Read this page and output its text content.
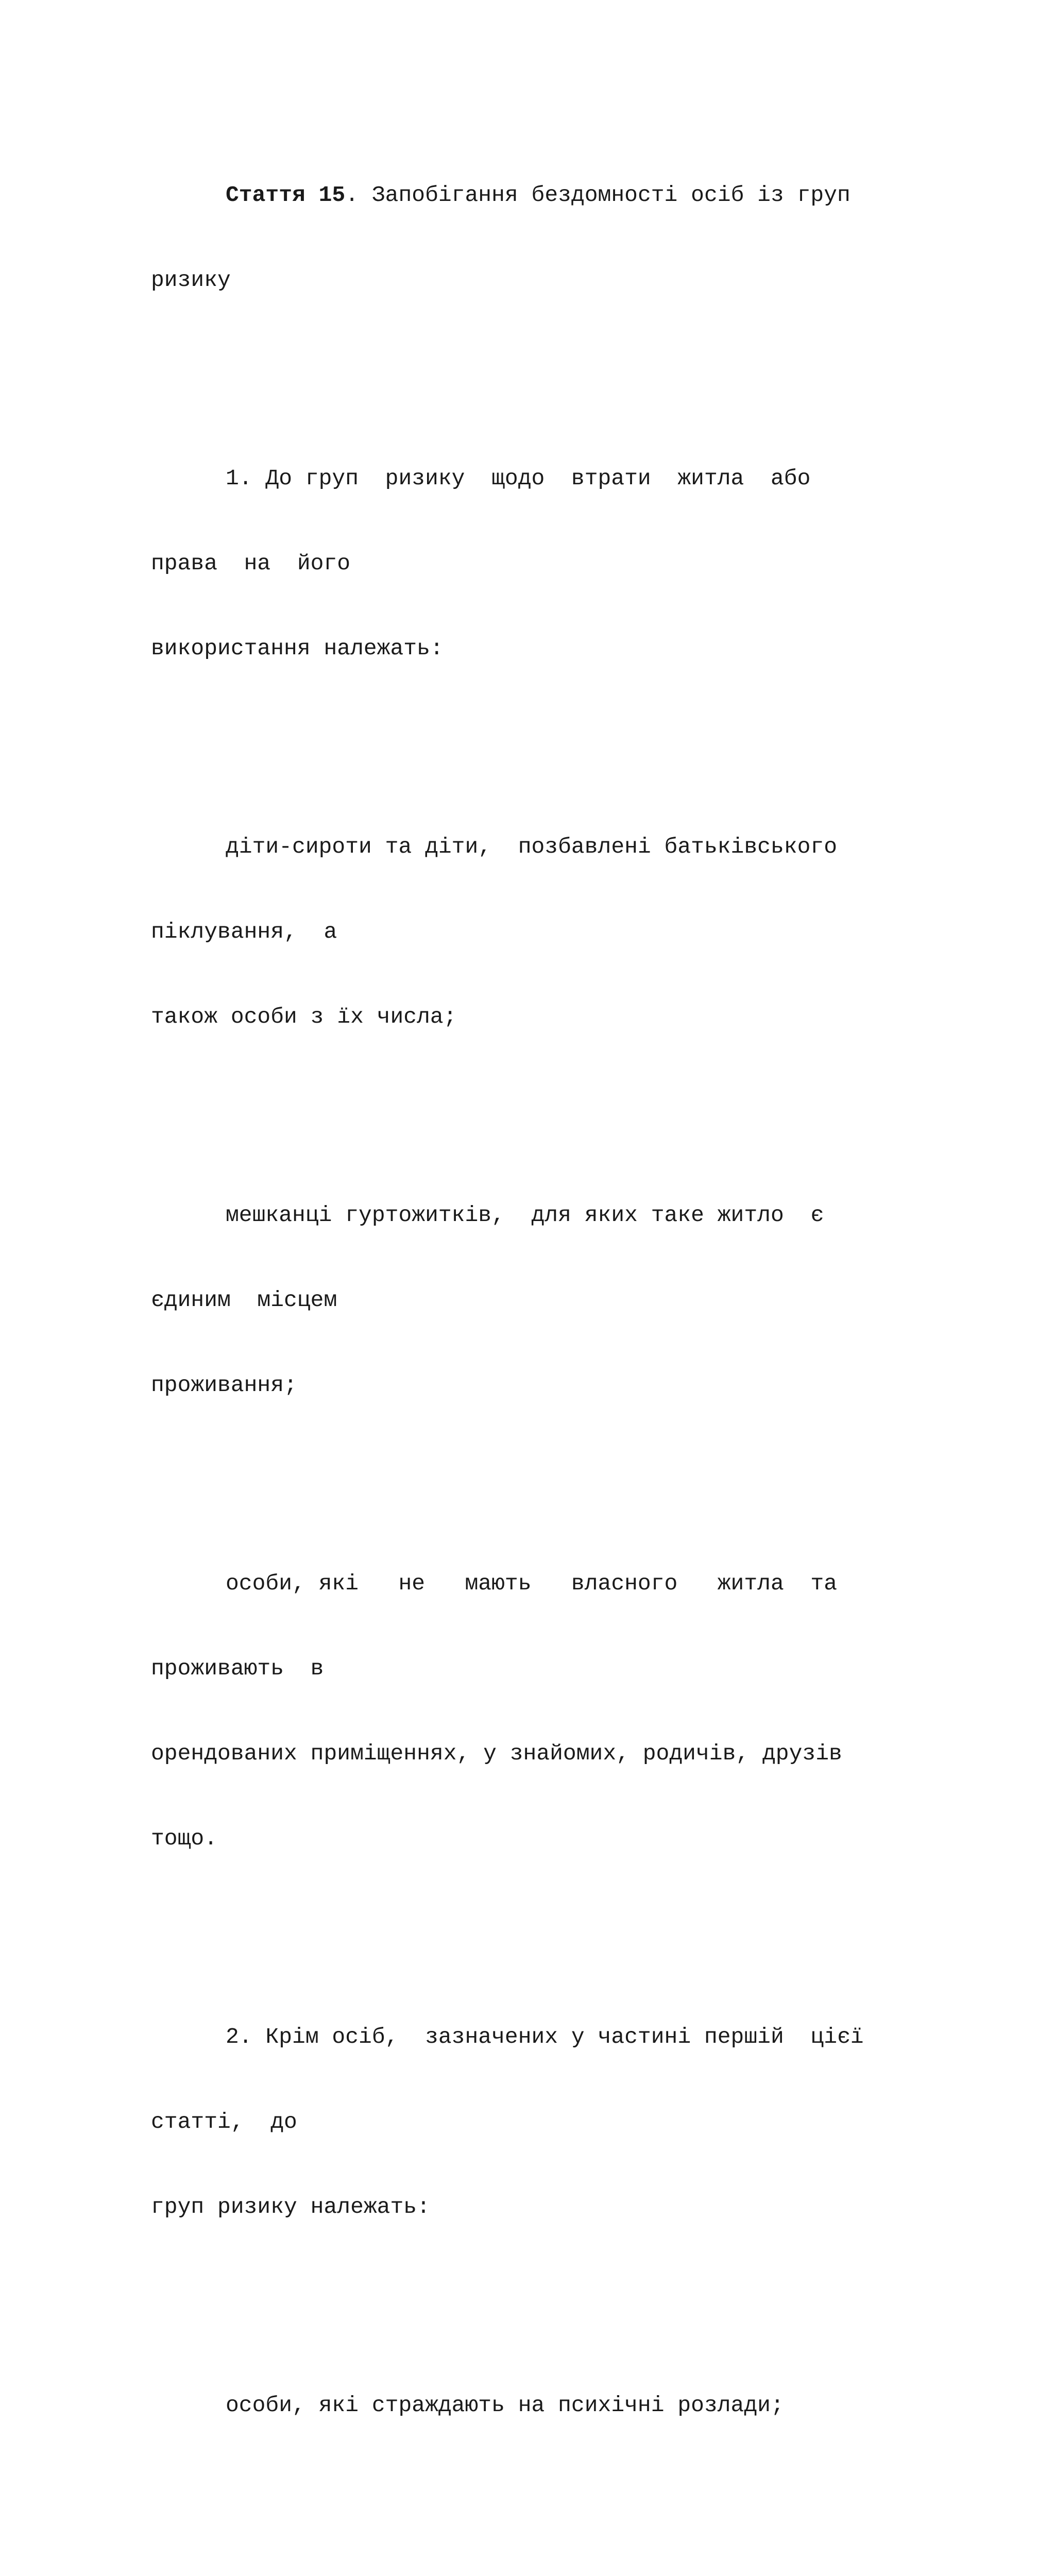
Стаття 15. Запобігання бездомності осіб із груп

ризику

1. До груп  ризику  щодо  втрати  житла  або

права  на  його

використання належать:

діти-сироти та діти,  позбавлені батьківського

піклування,  а

також особи з їх числа;

мешканці гуртожитків,  для яких таке житло  є

єдиним  місцем

проживання;

особи, які   не   мають   власного   житла  та

проживають  в

орендованих приміщеннях, у знайомих, родичів, друзів

тощо.

2. Крім осіб,  зазначених у частині першій  цієї

статті,  до

груп ризику належать:

особи, які страждають на психічні розлади;
